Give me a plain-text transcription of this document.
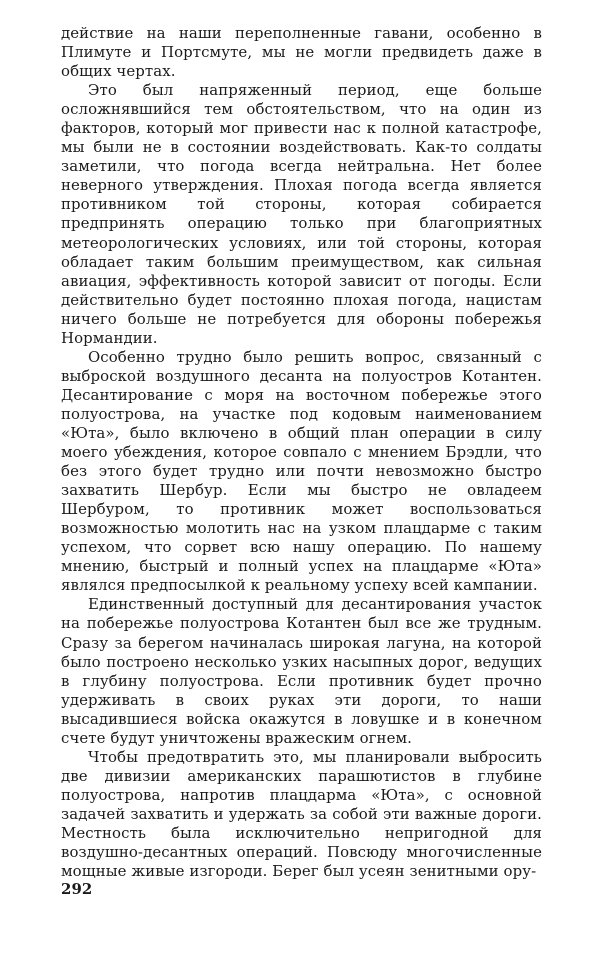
действие на наши переполненные гавани, особенно в Плимуте и Портсмуте, мы не могли предвидеть даже в общих чертах.

Это был напряженный период, еще больше осложнявшийся тем обстоятельством, что на один из факторов, который мог привести нас к полной катастрофе, мы были не в состоянии воздействовать. Как-то солдаты заметили, что погода всегда нейтральна. Нет более неверного утверждения. Плохая погода всегда является противником той стороны, которая собирается предпринять операцию только при благоприятных метеорологических условиях, или той стороны, которая обладает таким большим преимуществом, как сильная авиация, эффективность которой зависит от погоды. Если действительно будет постоянно плохая погода, нацистам ничего больше не потребуется для обороны побережья Нормандии.

Особенно трудно было решить вопрос, связанный с выброской воздушного десанта на полуостров Котантен. Десантирование с моря на восточном побережье этого полуострова, на участке под кодовым наименованием «Юта», было включено в общий план операции в силу моего убеждения, которое совпало с мнением Брэдли, что без этого будет трудно или почти невозможно быстро захватить Шербур. Если мы быстро не овладеем Шербуром, то противник может воспользоваться возможностью молотить нас на узком плацдарме с таким успехом, что сорвет всю нашу операцию. По нашему мнению, быстрый и полный успех на плацдарме «Юта» являлся предпосылкой к реальному успеху всей кампании.

Единственный доступный для десантирования участок на побережье полуострова Котантен был все же трудным. Сразу за берегом начиналась широкая лагуна, на которой было построено несколько узких насыпных дорог, ведущих в глубину полуострова. Если противник будет прочно удерживать в своих руках эти дороги, то наши высадившиеся войска окажутся в ловушке и в конечном счете будут уничтожены вражеским огнем.

Чтобы предотвратить это, мы планировали выбросить две дивизии американских парашютистов в глубине полуострова, напротив плацдарма «Юта», с основной задачей захватить и удержать за собой эти важные дороги. Местность была исключительно непригодной для воздушно-десантных операций. Повсюду многочисленные мощные живые изгороди. Берег был усеян зенитными ору-

292
